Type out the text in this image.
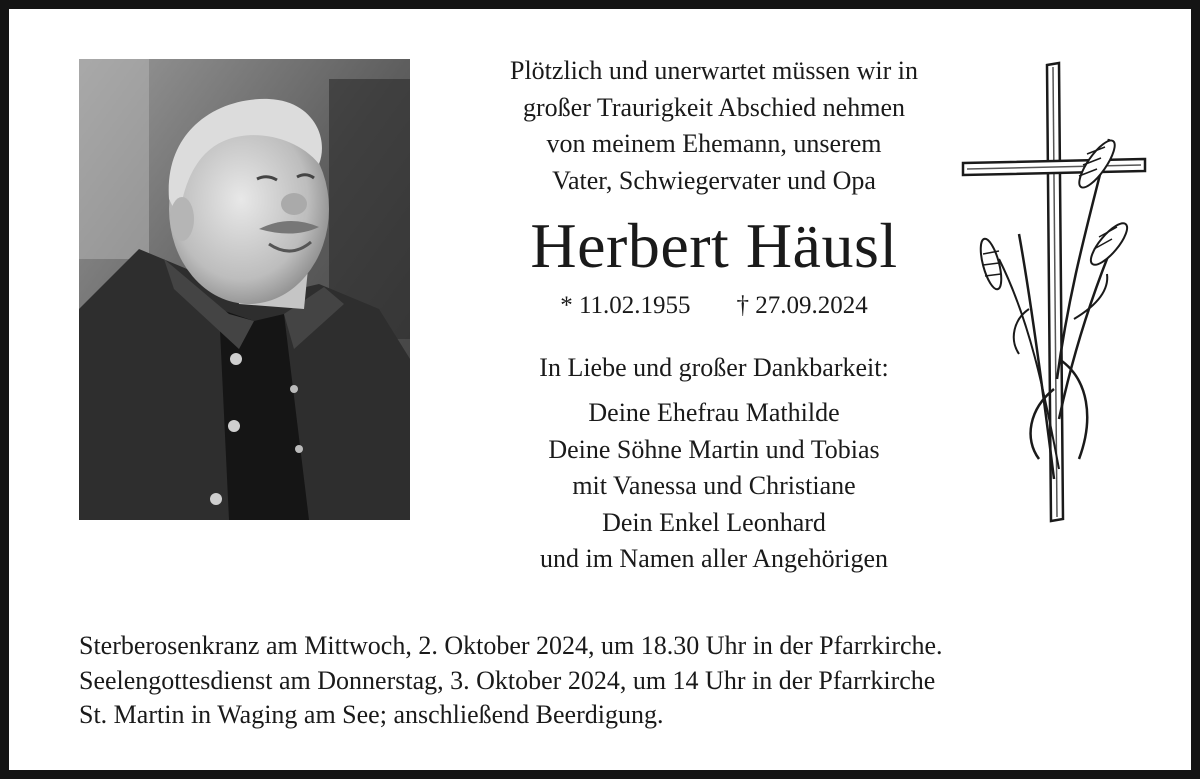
Plötzlich und unerwartet müssen wir in
großer Traurigkeit Abschied nehmen
von meinem Ehemann, unserem
Vater, Schwiegervater und Opa
Herbert Häusl
* 11.02.1955 † 27.09.2024
In Liebe und großer Dankbarkeit:
Deine Ehefrau Mathilde
Deine Söhne Martin und Tobias
mit Vanessa und Christiane
Dein Enkel Leonhard
und im Namen aller Angehörigen
Sterberosenkranz am Mittwoch, 2. Oktober 2024, um 18.30 Uhr in der Pfarrkirche.
Seelengottesdienst am Donnerstag, 3. Oktober 2024, um 14 Uhr in der Pfarrkirche
St. Martin in Waging am See; anschließend Beerdigung.
